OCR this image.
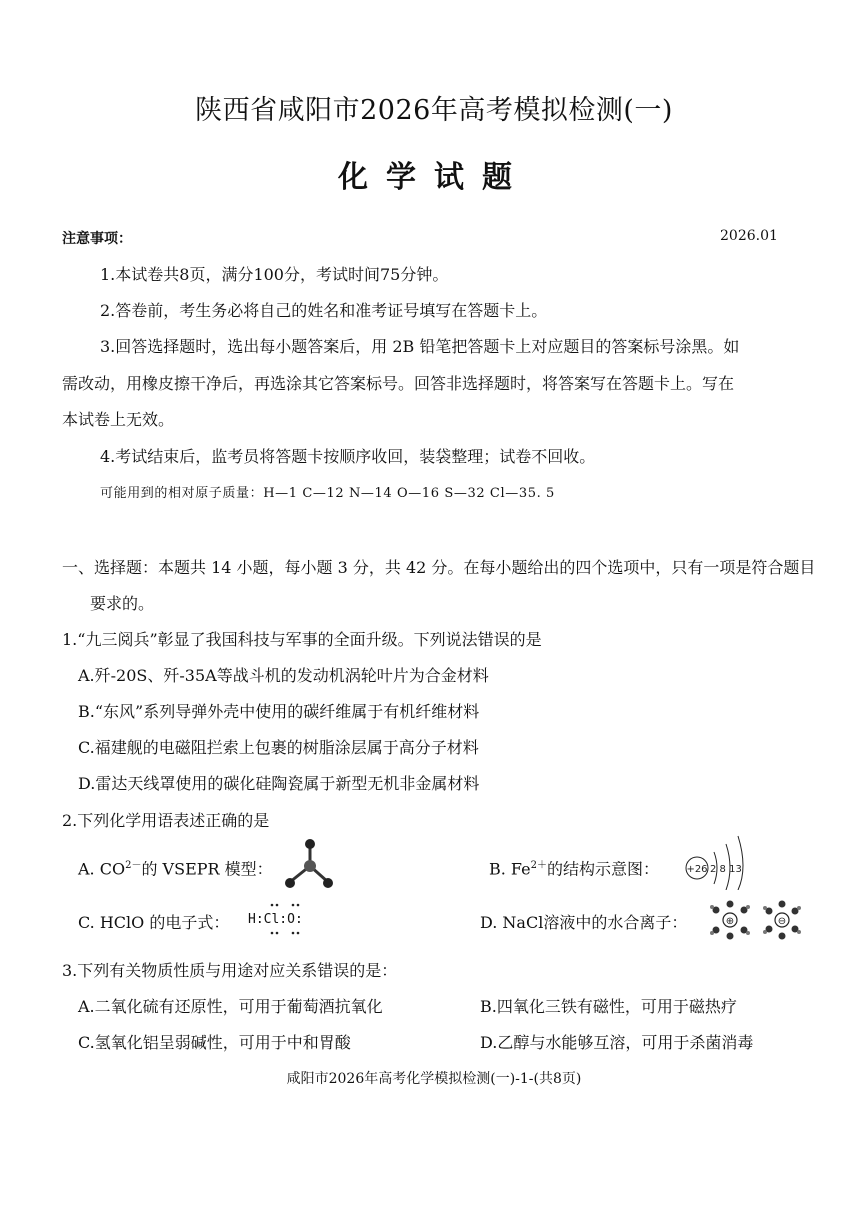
陕西省咸阳市2026年高考模拟检测(一)
化学试题
注意事项：	2026.01
1.本试卷共8页，满分100分，考试时间75分钟。
2.答卷前，考生务必将自己的姓名和准考证号填写在答题卡上。
3.回答选择题时，选出每小题答案后，用 2B 铅笔把答题卡上对应题目的答案标号涂黑。如
需改动，用橡皮擦干净后，再选涂其它答案标号。回答非选择题时，将答案写在答题卡上。写在
本试卷上无效。
4.考试结束后，监考员将答题卡按顺序收回，装袋整理；试卷不回收。
可能用到的相对原子质量：H—1 C—12 N—14 O—16 S—32 Cl—35. 5
一、选择题：本题共 14 小题，每小题 3 分，共 42 分。在每小题给出的四个选项中，只有一项是符合题目
要求的。
1.“九三阅兵”彰显了我国科技与军事的全面升级。下列说法错误的是
A.歼-20S、歼-35A等战斗机的发动机涡轮叶片为合金材料
B.“东风”系列导弹外壳中使用的碳纤维属于有机纤维材料
C.福建舰的电磁阻拦索上包裹的树脂涂层属于高分子材料
D.雷达天线罩使用的碳化硅陶瓷属于新型无机非金属材料
2.下列化学用语表述正确的是
A. $CO^{2-}$的 VSEPR 模型：	B. $Fe^{2+}$的结构示意图：	+26 2 8 13
C. HClO 的电子式： H:Cl:O:	D. NaCl溶液中的水合离子：	⊕	⊖
3.下列有关物质性质与用途对应关系错误的是：
A.二氧化硫有还原性，可用于葡萄酒抗氧化	B.四氧化三铁有磁性，可用于磁热疗
C.氢氧化铝呈弱碱性，可用于中和胃酸	D.乙醇与水能够互溶，可用于杀菌消毒
咸阳市2026年高考化学模拟检测(一)-1-(共8页)
